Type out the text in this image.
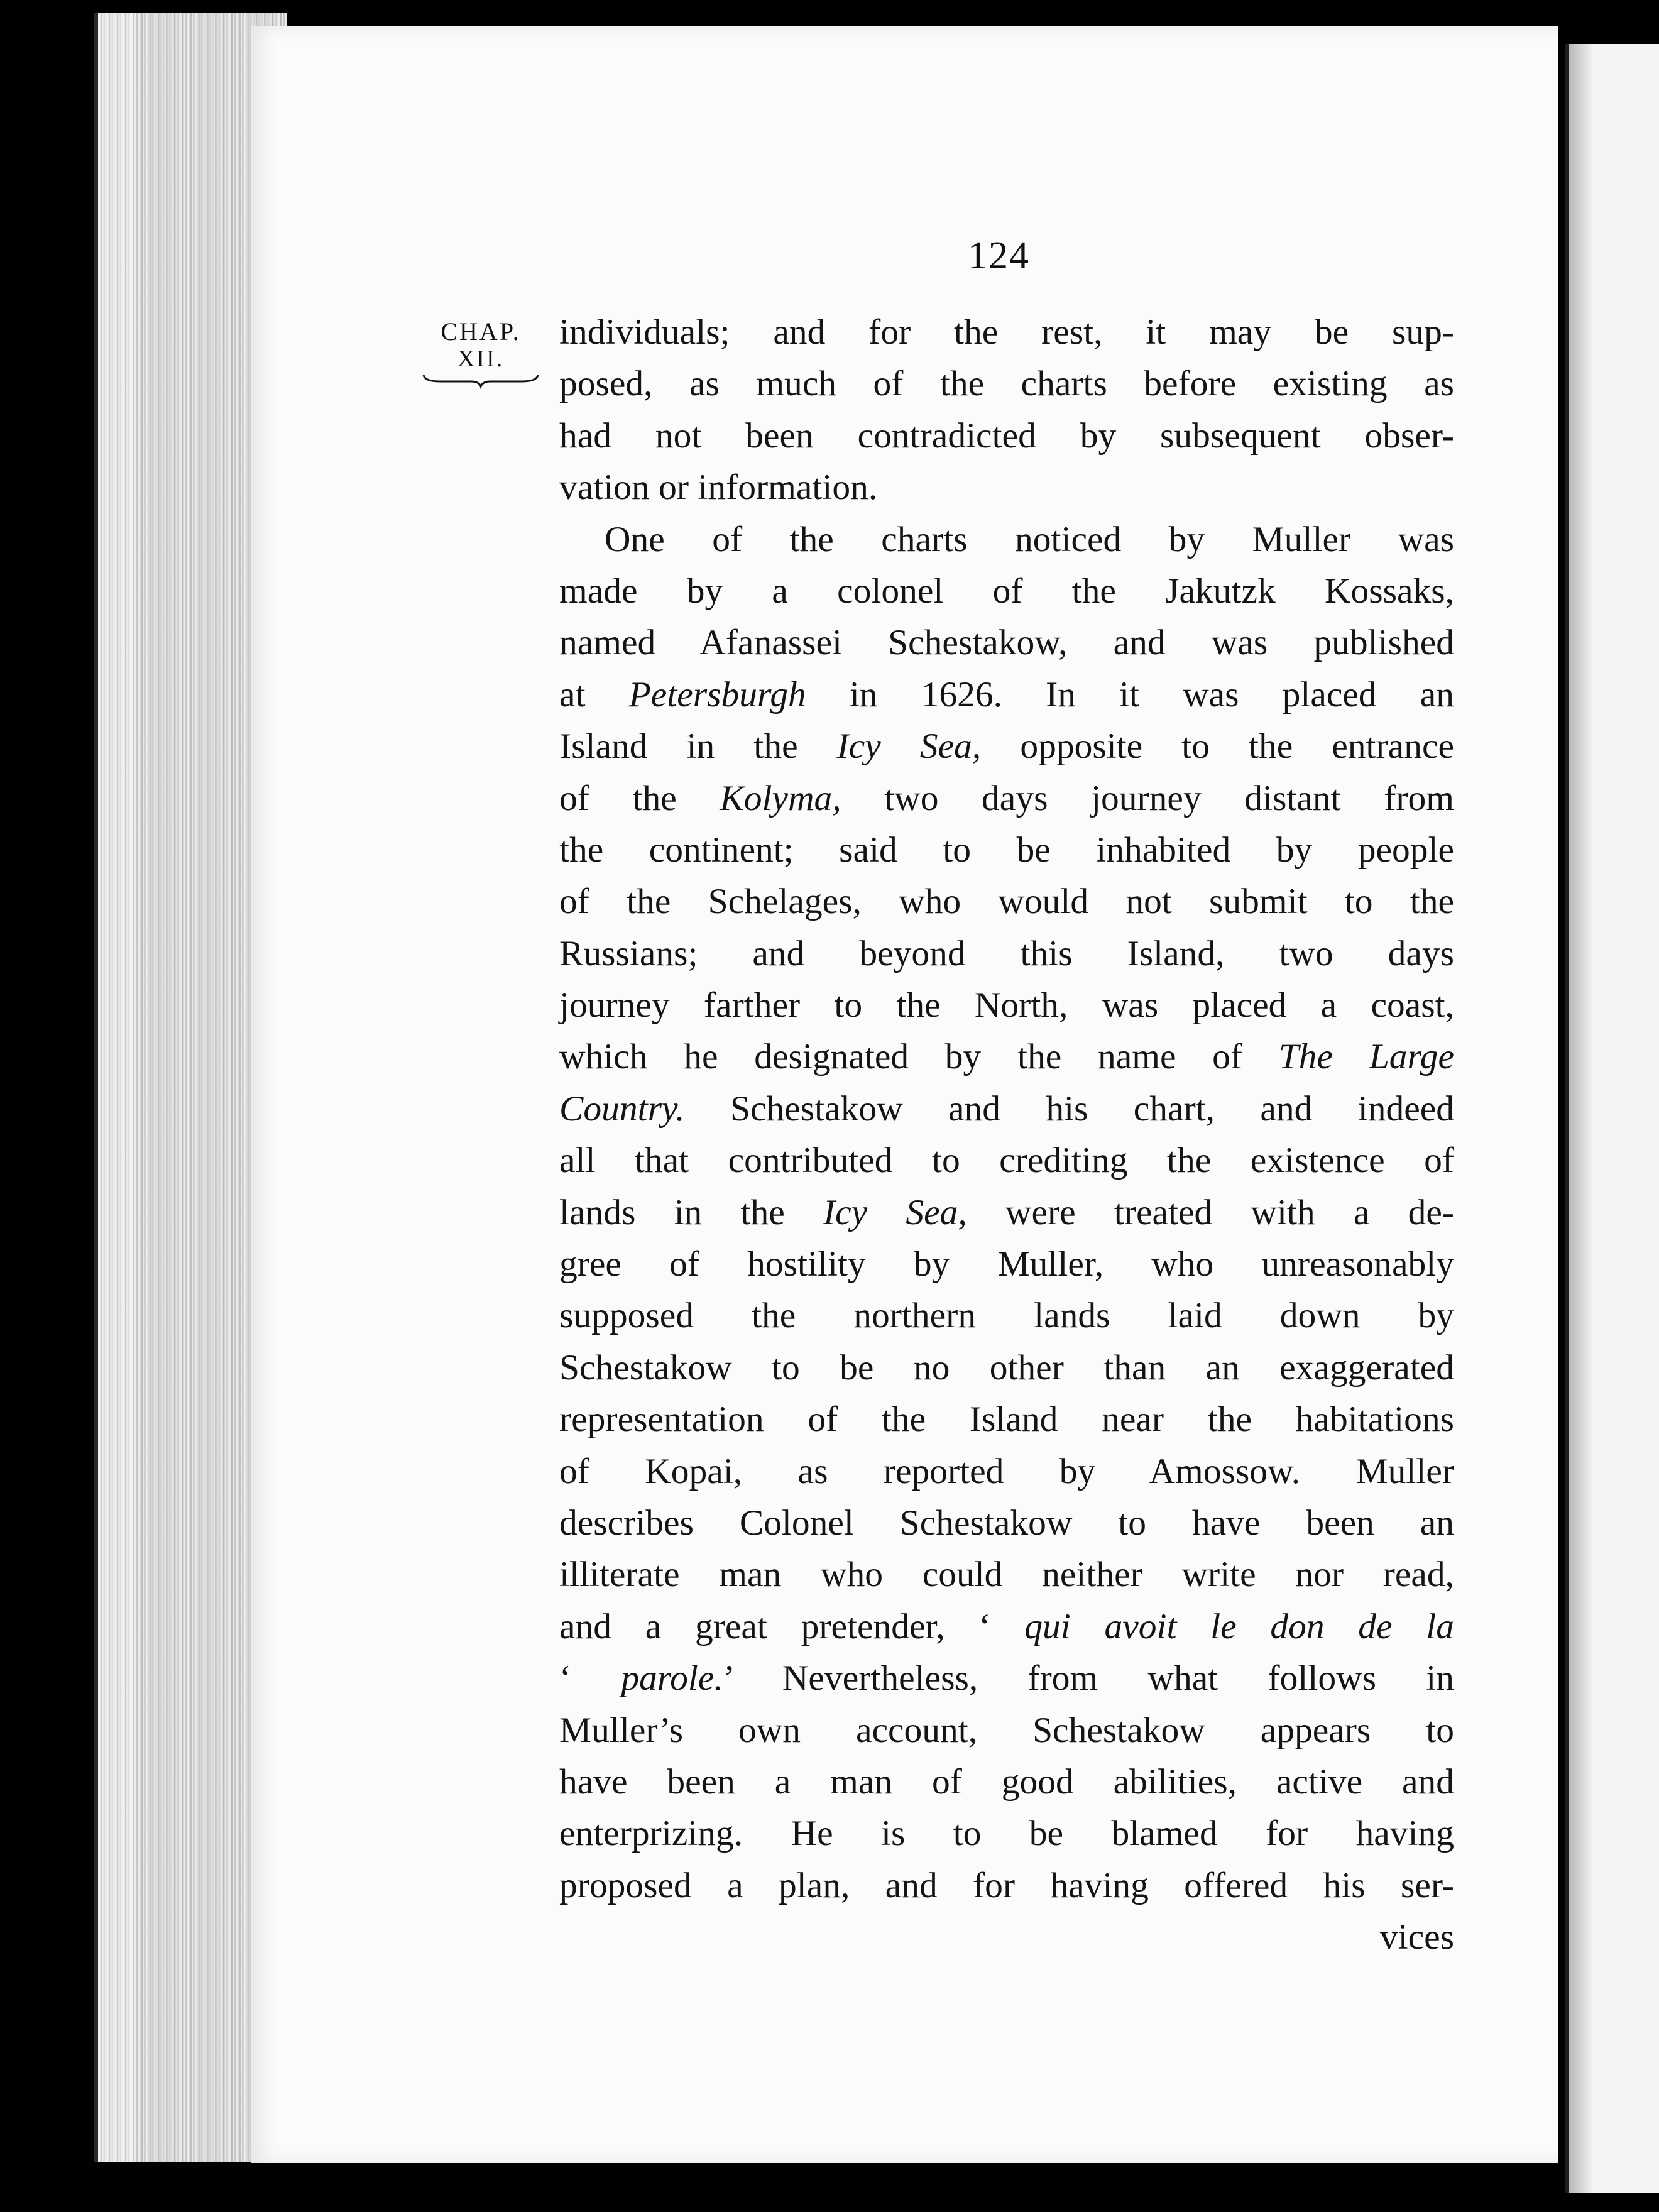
124
CHAP.
XII.
individuals; and for the rest, it may be sup-
posed, as much of the charts before existing as
had not been contradicted by subsequent obser-
vation or information.
One of the charts noticed by Muller was
made by a colonel of the Jakutzk Kossaks,
named Afanassei Schestakow, and was published
at Petersburgh in 1626. In it was placed an
Island in the Icy Sea, opposite to the entrance
of the Kolyma, two days journey distant from
the continent; said to be inhabited by people
of the Schelages, who would not submit to the
Russians; and beyond this Island, two days
journey farther to the North, was placed a coast,
which he designated by the name of The Large
Country. Schestakow and his chart, and indeed
all that contributed to crediting the existence of
lands in the Icy Sea, were treated with a de-
gree of hostility by Muller, who unreasonably
supposed the northern lands laid down by
Schestakow to be no other than an exaggerated
representation of the Island near the habitations
of Kopai, as reported by Amossow. Muller
describes Colonel Schestakow to have been an
illiterate man who could neither write nor read,
and a great pretender, ‘ qui avoit le don de la
‘ parole.’ Nevertheless, from what follows in
Muller’s own account, Schestakow appears to
have been a man of good abilities, active and
enterprizing. He is to be blamed for having
proposed a plan, and for having offered his ser-
vices
